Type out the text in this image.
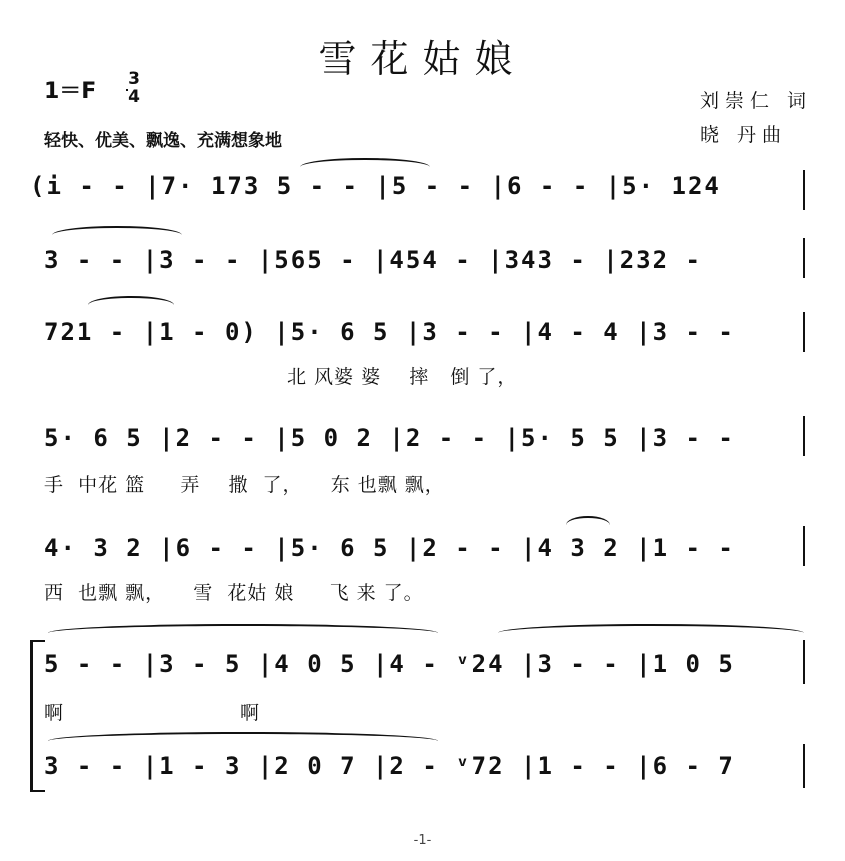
雪花姑娘
1＝F 3
4
轻快、优美、飘逸、充满想象地
刘崇仁 词
晓 丹曲
(i - - |7· 173 5 - - |5 - - |6 - - |5· 124
3 - - |3 - - |565 - |454 - |343 - |232 -
721 - |1 - 0) |5· 6 5 |3 - - |4 - 4 |3 - -
北 风婆 婆    摔   倒 了，
5· 6 5 |2 - - |5 0 2 |2 - - |5· 5 5 |3 - -
手  中花 篮     弄    撒  了，    东 也飘 飘，
4· 3 2 |6 - - |5· 6 5 |2 - - |4 3 2 |1 - -
西  也飘 飘，    雪  花姑 娘     飞 来 了。
5 - - |3 - 5 |4 0 5 |4 - ᵛ24 |3 - - |1 0 5
啊                         啊
3 - - |1 - 3 |2 0 7 |2 - ᵛ72 |1 - - |6 - 7
-1-
